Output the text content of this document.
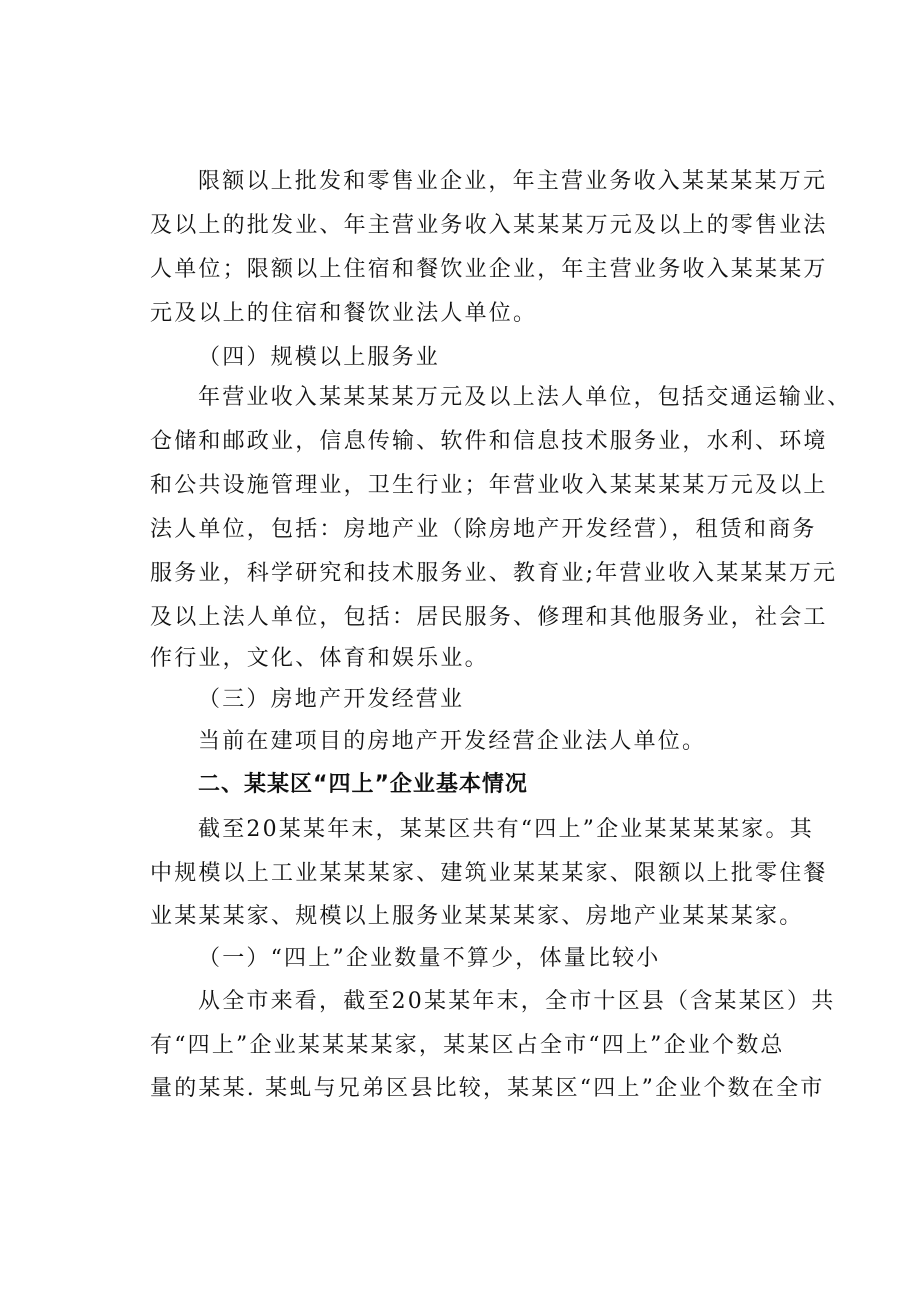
限额以上批发和零售业企业，年主营业务收入某某某某万元
及以上的批发业、年主营业务收入某某某万元及以上的零售业法
人单位；限额以上住宿和餐饮业企业，年主营业务收入某某某万
元及以上的住宿和餐饮业法人单位。
（四）规模以上服务业
年营业收入某某某某万元及以上法人单位，包括交通运输业、
仓储和邮政业，信息传输、软件和信息技术服务业，水利、环境
和公共设施管理业，卫生行业；年营业收入某某某某万元及以上
法人单位，包括：房地产业（除房地产开发经营），租赁和商务
服务业，科学研究和技术服务业、教育业;年营业收入某某某万元
及以上法人单位，包括：居民服务、修理和其他服务业，社会工
作行业，文化、体育和娱乐业。
（三）房地产开发经营业
当前在建项目的房地产开发经营企业法人单位。
二、某某区“四上”企业基本情况
截至20某某年末，某某区共有“四上”企业某某某某家。其
中规模以上工业某某某家、建筑业某某某家、限额以上批零住餐
业某某某家、规模以上服务业某某某家、房地产业某某某家。
（一）“四上”企业数量不算少，体量比较小
从全市来看，截至20某某年末，全市十区县（含某某区）共
有“四上”企业某某某某家，某某区占全市“四上”企业个数总
量的某某. 某虬与兄弟区县比较，某某区“四上”企业个数在全市
